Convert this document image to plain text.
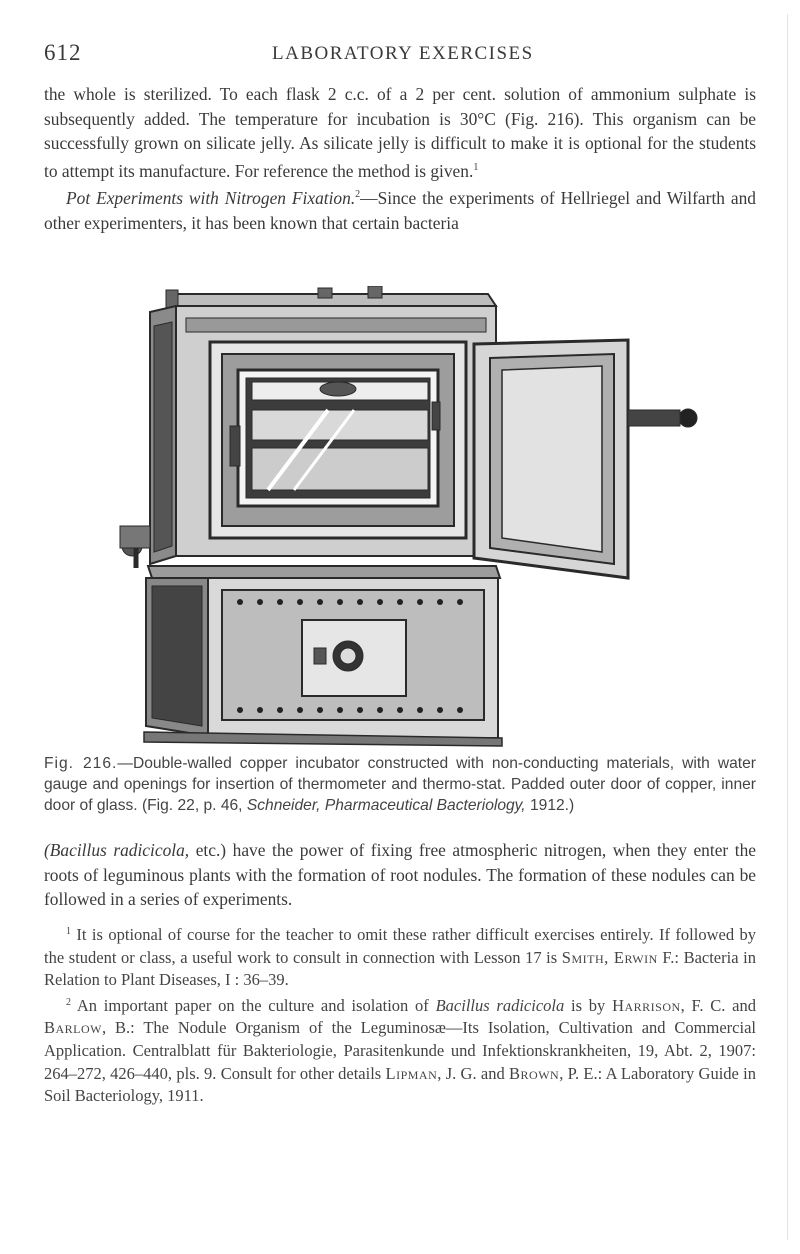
612	LABORATORY EXERCISES

the whole is sterilized. To each flask 2 c.c. of a 2 per cent. solution of ammonium sulphate is subsequently added. The temperature for incubation is 30°C (Fig. 216). This organism can be successfully grown on silicate jelly. As silicate jelly is difficult to make it is optional for the students to attempt its manufacture. For reference the method is given.$^1$

Pot Experiments with Nitrogen Fixation.$^2$—Since the experiments of Hellriegel and Wilfarth and other experimenters, it has been known that certain bacteria

Fig. 216.—Double-walled copper incubator constructed with non-conducting materials, with water gauge and openings for insertion of thermometer and thermo-stat. Padded outer door of copper, inner door of glass. (Fig. 22, p. 46, Schneider, Pharmaceutical Bacteriology, 1912.)

(Bacillus radicicola, etc.) have the power of fixing free atmospheric nitrogen, when they enter the roots of leguminous plants with the formation of root nodules. The formation of these nodules can be followed in a series of experiments.

$^1$ It is optional of course for the teacher to omit these rather difficult exercises entirely. If followed by the student or class, a useful work to consult in connection with Lesson 17 is Smith, Erwin F.: Bacteria in Relation to Plant Diseases, I : 36–39.

$^2$ An important paper on the culture and isolation of Bacillus radicicola is by Harrison, F. C. and Barlow, B.: The Nodule Organism of the Leguminosæ—Its Isolation, Cultivation and Commercial Application. Centralblatt für Bakteriologie, Parasitenkunde und Infektionskrankheiten, 19, Abt. 2, 1907: 264–272, 426–440, pls. 9. Consult for other details Lipman, J. G. and Brown, P. E.: A Laboratory Guide in Soil Bacteriology, 1911.
